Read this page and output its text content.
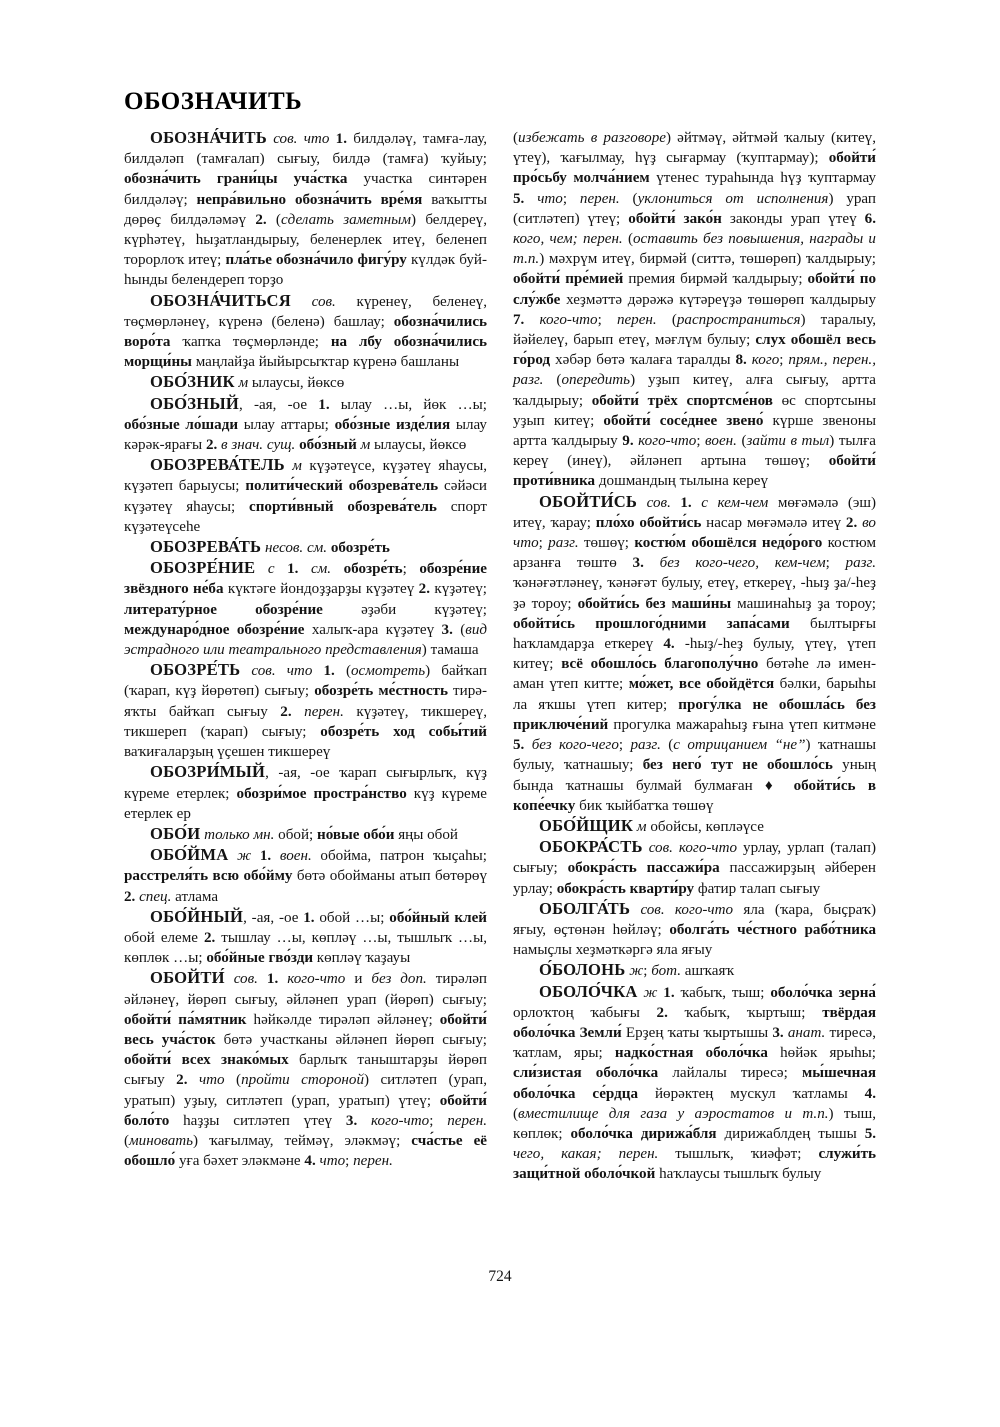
ОБОЗНАЧИТЬ

ОБОЗНА́ЧИТЬ сов. что 1. билдәләү, тамға-лау, билдәләп (тамғалап) сығыу, билдә (тамға) ҡуйыу; обозна́чить грани́цы уча́стка участка синтәрен билдәләү; непра́вильно обозна́чить вре́мя ваҡытты дөрөҫ билдәләмәү 2. (сделать заметным) белдереү, күрһәтеү, һыҙатландырыу, беленерлек итеү, беленеп торорлоҡ итеү; пла́тье обозна́чило фигу́ру күлдәк буй-һынды белендереп торҙо

ОБОЗНА́ЧИТЬСЯ сов. күренеү, беленеү, төҫмөрләнеү, күренә (беленә) башлау; обозна́чились воро́та ҡапҡа төҫмөрләнде; на лбу обозна́чились морщи́ны маңлайҙа йыйырсыҡтар күренә башланы

ОБО́ЗНИК м ылаусы, йөксө

ОБО́ЗНЫЙ, -ая, -ое 1. ылау …ы, йөк …ы; обо́зные ло́шади ылау аттары; обо́зные изде́лия ылау кәрәк-ярағы 2. в знач. сущ. обо́зный м ылаусы, йөксө

ОБОЗРЕВА́ТЕЛЬ м күҙәтеүсе, күҙәтеү яһаусы, күҙәтеп барыусы; полити́ческий обозрева́тель сәйәси күҙәтеү яһаусы; спорти́вный обозрева́тель спорт күҙәтеүсеһе

ОБОЗРЕВА́ТЬ несов. см. обозре́ть

ОБОЗРЕ́НИЕ с 1. см. обозре́ть; обозре́ние звёздного не́ба күктәге йондоҙҙарҙы күҙәтеү 2. күҙәтеү; литерату́рное обозре́ние әҙәби күҙәтеү; междунаро́дное обозре́ние халыҡ-ара күҙәтеү 3. (вид эстрадного или театрального представления) тамаша

ОБОЗРЕ́ТЬ сов. что 1. (осмотреть) байҡап (ҡарап, күҙ йөрөтөп) сығыу; обозре́ть ме́стность тирә-яҡты байҡап сығыу 2. перен. күҙәтеү, тикшереү, тикшереп (ҡарап) сығыу; обозре́ть ход собы́тий ваҡиғаларҙың үҫешен тикшереү

ОБОЗРИ́МЫЙ, -ая, -ое ҡарап сығырлыҡ, күҙ күреме етерлек; обозри́мое простра́нство күҙ күреме етерлек ер

ОБО́И только мн. обой; но́вые обо́и яңы обой

ОБО́ЙМА ж 1. воен. обойма, патрон ҡыҫаһы; расстреля́ть всю обо́йму бөтә обойманы атып бөтөрөү 2. спец. атлама

ОБО́ЙНЫЙ, -ая, -ое 1. обой …ы; обо́йный клей обой елеме 2. тышлау …ы, көпләү …ы, тышлыҡ …ы, көплөк …ы; обо́йные гво́зди көпләү ҡаҙауы

ОБОЙТИ́ сов. 1. кого-что и без доп. тирәләп әйләнеү, йөрөп сығыу, әйләнеп урап (йөрөп) сығыу; обойти́ па́мятник һәйкәлде тирәләп әйләнеү; обойти́ весь уча́сток бөтә участканы әйләнеп йөрөп сығыу; обойти́ всех знако́мых барлыҡ таныштарҙы йөрөп сығыу 2. что (пройти стороной) ситләтеп (урап, уратып) уҙыу, ситләтеп (урап, уратып) үтеү; обойти́ боло́то һаҙҙы ситләтеп үтеү 3. кого-что; перен. (миновать) ҡағылмау, теймәү, эләкмәү; сча́стье её обошло́ уға бәхет эләкмәне 4. что; перен.

(избежать в разговоре) әйтмәү, әйтмәй ҡалыу (китеү, үтеү), ҡағылмау, һүҙ сығармау (ҡуптармау); обойти́ про́сьбу молча́нием үтенес тураһында һүҙ ҡуптармау 5. что; перен. (уклониться от исполнения) урап (ситләтеп) үтеү; обойти́ зако́н законды урап үтеү 6. кого, чем; перен. (оставить без повышения, награды и т.п.) мәхрүм итеү, бирмәй (ситтә, төшөрөп) ҡалдырыу; обойти́ пре́мией премия бирмәй ҡалдырыу; обойти́ по слу́жбе хеҙмәттә дәрәжә күтәреүҙә төшөрөп ҡалдырыу 7. кого-что; перен. (распространиться) таралыу, йәйелеү, барып етеү, мәғлүм булыу; слух обошёл весь го́род хәбәр бөтә ҡалаға таралды 8. кого; прям., перен., разг. (опередить) уҙып китеү, алға сығыу, артта ҡалдырыу; обойти́ трёх спортсме́нов өс спортсыны уҙып китеү; обойти́ сосе́днее звено́ күрше звеноны артта ҡалдырыу 9. кого-что; воен. (зайти в тыл) тылға кереү (инеү), әйләнеп артына төшөү; обойти́ проти́вника дошмандың тылына кереү

ОБОЙТИ́СЬ сов. 1. с кем-чем мөғәмәлә (эш) итеү, ҡарау; пло́хо обойти́сь насар мөғәмәлә итеү 2. во что; разг. төшөү; костю́м обошёлся недо́рого костюм арзанға төштө 3. без кого-чего, кем-чем; разг. ҡәнәғәтләнеү, ҡәнәғәт булыу, етеү, еткереү, -һыҙ ҙа/-һеҙ ҙә тороу; обойти́сь без маши́ны машинаһыҙ ҙа тороу; обойти́сь прошлого́дними запа́сами былтырғы һаҡламдарҙа еткереү 4. -һыҙ/-һеҙ булыу, үтеү, үтеп китеү; всё обошло́сь благополу́чно бөтәһе лә имен-аман үтеп китте; мо́жет, все обойдётся бәлки, барыһы ла яҡшы үтеп китер; прогу́лка не обошла́сь без приключе́ний прогулка мажараһыҙ ғына үтеп китмәне 5. без кого-чего; разг. (с отрицанием “не”) ҡатнашы булыу, ҡатнашыу; без него́ тут не обошло́сь уның бында ҡатнашы булмай булмаған ♦ обойти́сь в копе́ечку бик ҡыйбатҡа төшөү

ОБО́ЙЩИК м обойсы, көпләүсе

ОБОКРА́СТЬ сов. кого-что урлау, урлап (талап) сығыу; обокра́сть пассажи́ра пассажирҙың әйберен урлау; обокра́сть кварти́ру фатир талап сығыу

ОБОЛГА́ТЬ сов. кого-что яла (ҡара, быҫраҡ) яғыу, өҫтөнән һөйләү; оболга́ть че́стного рабо́тника намыҫлы хеҙмәткәргә яла яғыу

О́БОЛОНЬ ж; бот. ашҡаяҡ

ОБОЛО́ЧКА ж 1. ҡабыҡ, тыш; оболо́чка зерна́ орлоҡтоң ҡабығы 2. ҡабыҡ, ҡыртыш; твёрдая оболо́чка Земли́ Ерҙең ҡаты ҡыртышы 3. анат. тиресә, ҡатлам, яры; надко́стная оболо́чка һөйәк ярыһы; сли́зистая оболо́чка лайлалы тиресә; мы́шечная оболо́чка се́рдца йөрәктең мускул ҡатламы 4. (вместилище для газа у аэростатов и т.п.) тыш, көплөк; оболо́чка дирижа́бля дирижаблдең тышы 5. чего, какая; перен. тышлыҡ, ҡиәфәт; служи́ть защи́тной оболо́чкой һаҡлаусы тышлыҡ булыу

724
